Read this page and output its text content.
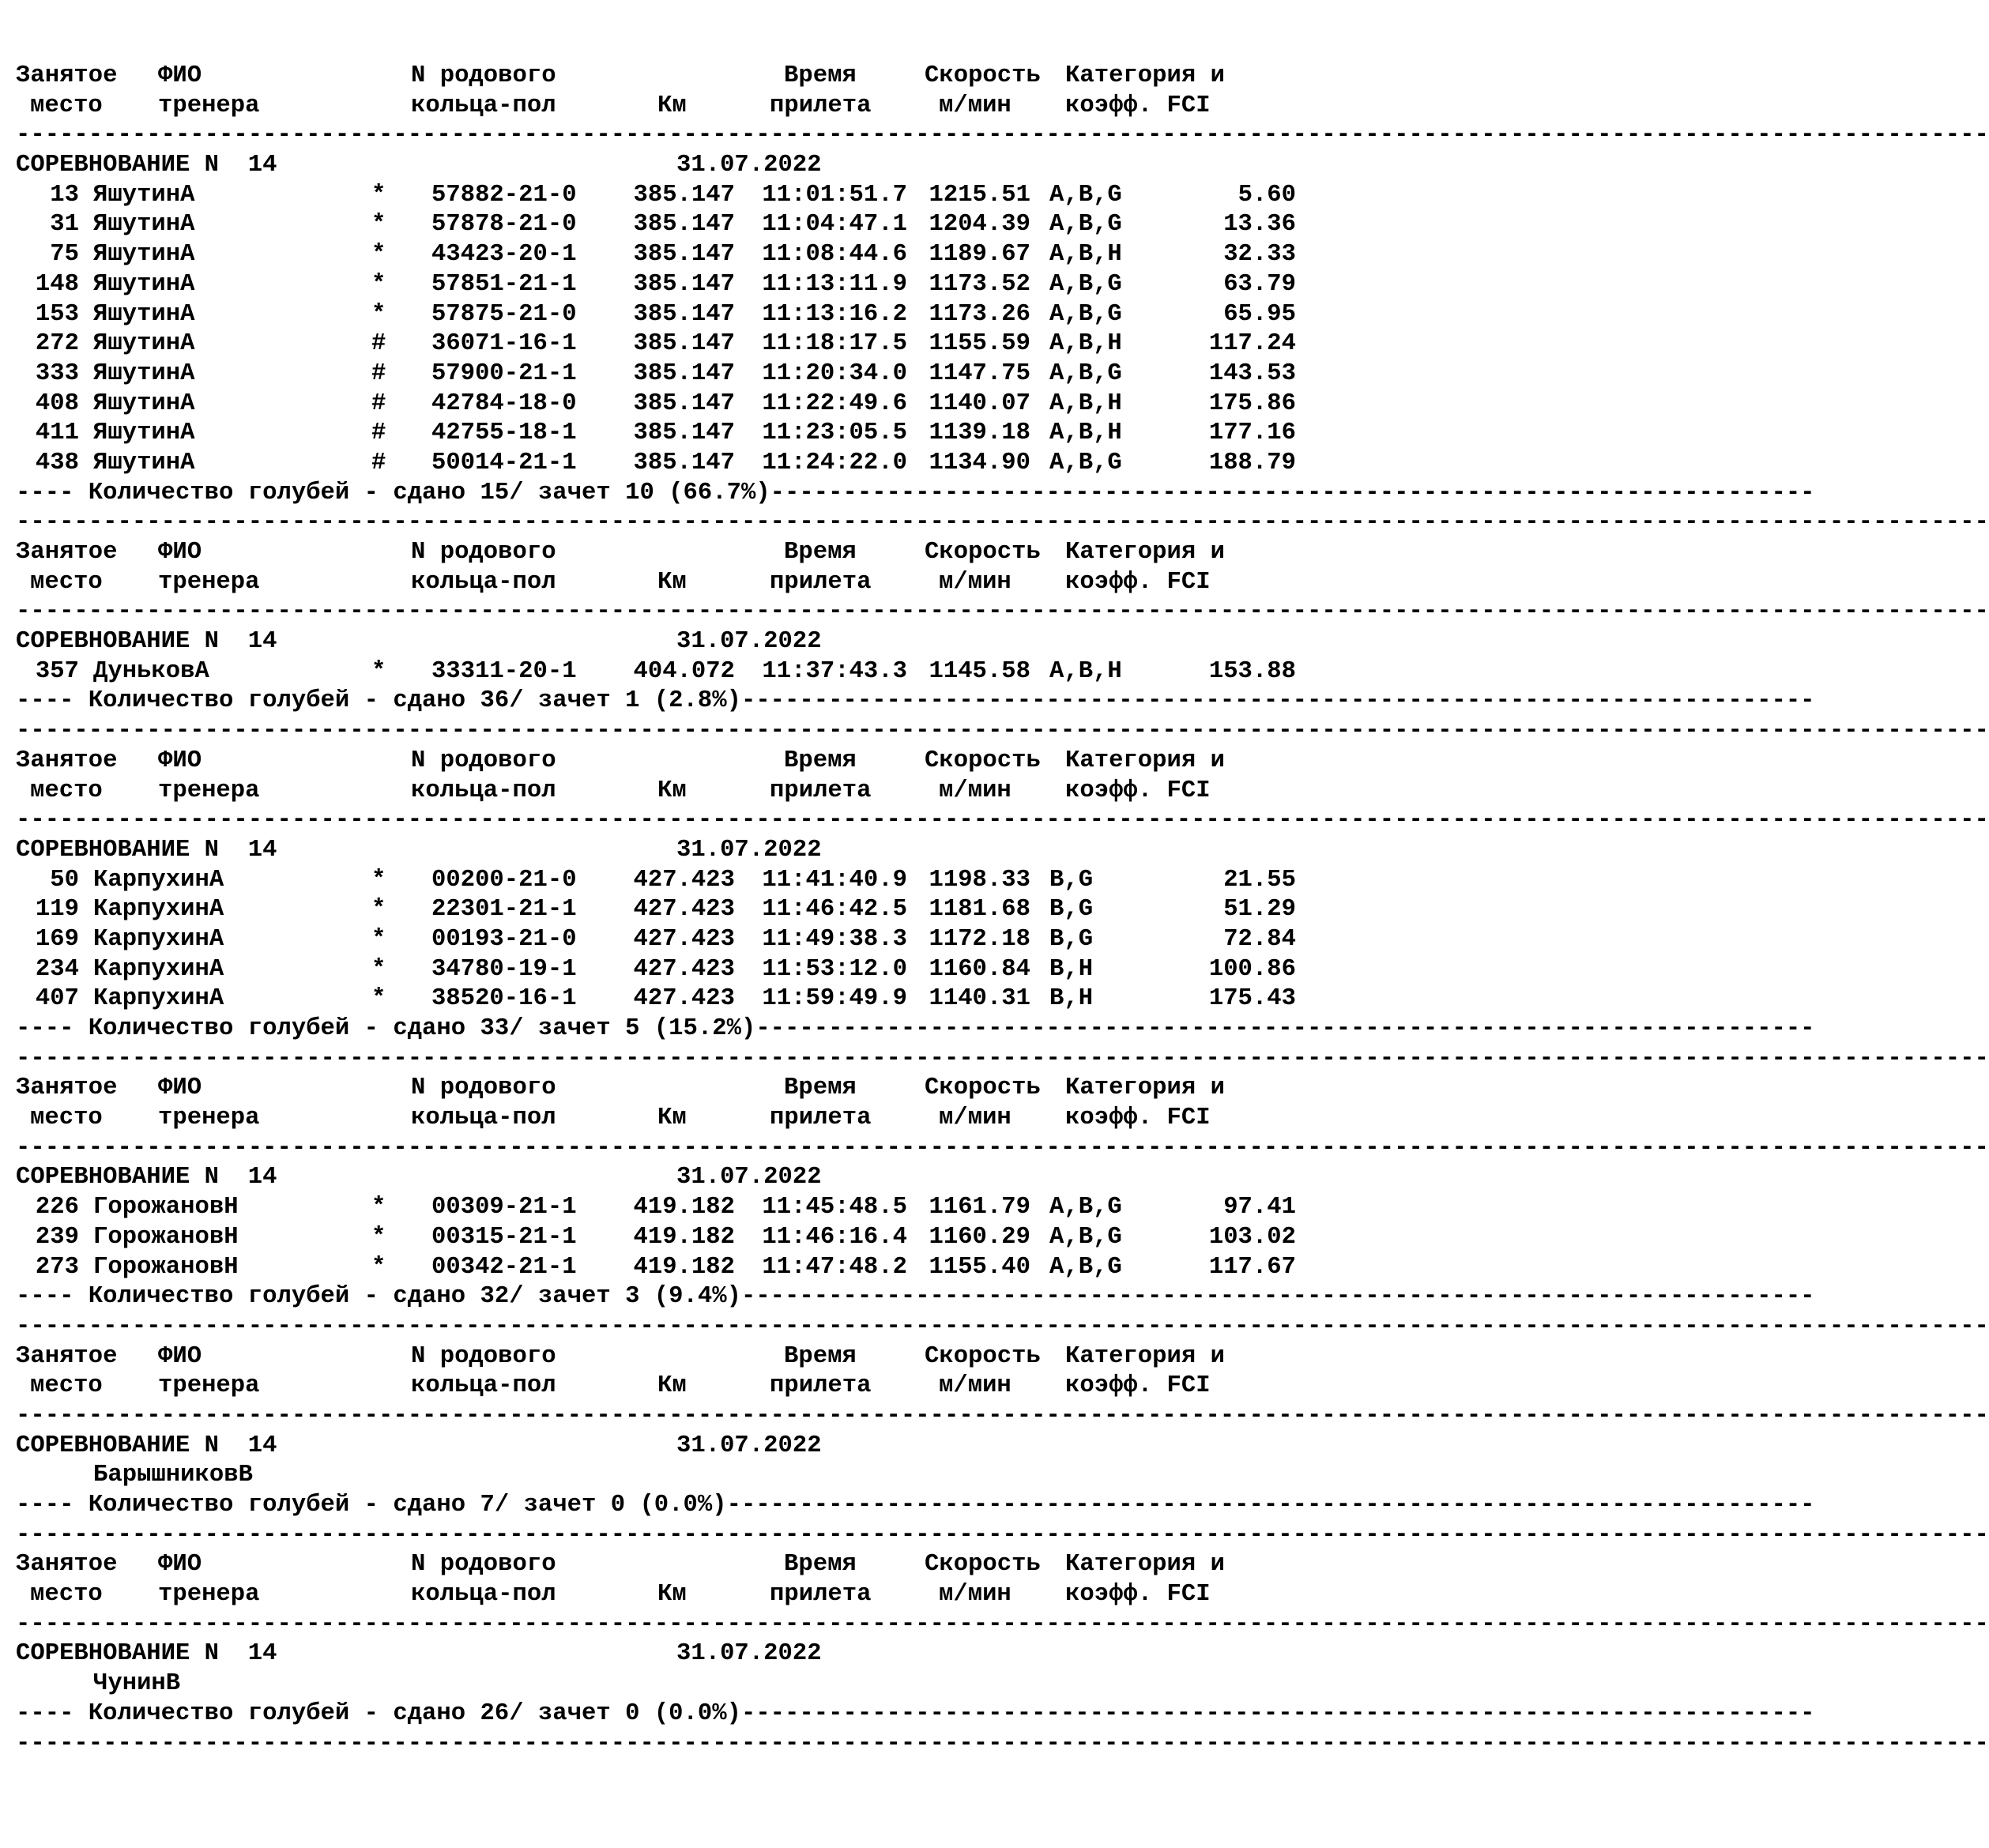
Занятое ФИО	N родового	Время	Скорость Категория и
место тренера	кольца-пол	Км	прилета	м/мин коэфф. FCI
----------------------------------------------------------------------------------------------------------------------------------------
СОРЕВНОВАНИЕ N  14	31.07.2022
13 ЯшутинА	* 57882-21-0 385.147 11:01:51.7 1215.51 A,B,G	5.60
31 ЯшутинА	* 57878-21-0 385.147 11:04:47.1 1204.39 A,B,G	13.36
75 ЯшутинА	* 43423-20-1 385.147 11:08:44.6 1189.67 A,B,H	32.33
148 ЯшутинА	* 57851-21-1 385.147 11:13:11.9 1173.52 A,B,G	63.79
153 ЯшутинА	* 57875-21-0 385.147 11:13:16.2 1173.26 A,B,G	65.95
272 ЯшутинА	# 36071-16-1 385.147 11:18:17.5 1155.59 A,B,H	117.24
333 ЯшутинА	# 57900-21-1 385.147 11:20:34.0 1147.75 A,B,G	143.53
408 ЯшутинА	# 42784-18-0 385.147 11:22:49.6 1140.07 A,B,H	175.86
411 ЯшутинА	# 42755-18-1 385.147 11:23:05.5 1139.18 A,B,H	177.16
438 ЯшутинА	# 50014-21-1 385.147 11:24:22.0 1134.90 A,B,G	188.79
---- Количество голубей - сдано 15/ зачет 10 (66.7%)------------------------------------------------------------------------
----------------------------------------------------------------------------------------------------------------------------------------
Занятое ФИО	N родового	Время	Скорость Категория и
место тренера	кольца-пол	Км	прилета	м/мин коэфф. FCI
----------------------------------------------------------------------------------------------------------------------------------------
СОРЕВНОВАНИЕ N  14	31.07.2022
357 ДуньковА	* 33311-20-1 404.072 11:37:43.3 1145.58 A,B,H	153.88
---- Количество голубей - сдано 36/ зачет 1 (2.8%)--------------------------------------------------------------------------
----------------------------------------------------------------------------------------------------------------------------------------
Занятое ФИО	N родового	Время	Скорость Категория и
место тренера	кольца-пол	Км	прилета	м/мин коэфф. FCI
----------------------------------------------------------------------------------------------------------------------------------------
СОРЕВНОВАНИЕ N  14	31.07.2022
50 КарпухинА	* 00200-21-0 427.423 11:41:40.9 1198.33 B,G	21.55
119 КарпухинА	* 22301-21-1 427.423 11:46:42.5 1181.68 B,G	51.29
169 КарпухинА	* 00193-21-0 427.423 11:49:38.3 1172.18 B,G	72.84
234 КарпухинА	* 34780-19-1 427.423 11:53:12.0 1160.84 B,H	100.86
407 КарпухинА	* 38520-16-1 427.423 11:59:49.9 1140.31 B,H	175.43
---- Количество голубей - сдано 33/ зачет 5 (15.2%)-------------------------------------------------------------------------
----------------------------------------------------------------------------------------------------------------------------------------
Занятое ФИО	N родового	Время	Скорость Категория и
место тренера	кольца-пол	Км	прилета	м/мин коэфф. FCI
----------------------------------------------------------------------------------------------------------------------------------------
СОРЕВНОВАНИЕ N  14	31.07.2022
226 ГорожановН	* 00309-21-1 419.182 11:45:48.5 1161.79 A,B,G	97.41
239 ГорожановН	* 00315-21-1 419.182 11:46:16.4 1160.29 A,B,G	103.02
273 ГорожановН	* 00342-21-1 419.182 11:47:48.2 1155.40 A,B,G	117.67
---- Количество голубей - сдано 32/ зачет 3 (9.4%)--------------------------------------------------------------------------
----------------------------------------------------------------------------------------------------------------------------------------
Занятое ФИО	N родового	Время	Скорость Категория и
место тренера	кольца-пол	Км	прилета	м/мин коэфф. FCI
----------------------------------------------------------------------------------------------------------------------------------------
СОРЕВНОВАНИЕ N  14	31.07.2022
БарышниковВ
---- Количество голубей - сдано 7/ зачет 0 (0.0%)---------------------------------------------------------------------------
----------------------------------------------------------------------------------------------------------------------------------------
Занятое ФИО	N родового	Время	Скорость Категория и
место тренера	кольца-пол	Км	прилета	м/мин коэфф. FCI
----------------------------------------------------------------------------------------------------------------------------------------
СОРЕВНОВАНИЕ N  14	31.07.2022
ЧунинВ
---- Количество голубей - сдано 26/ зачет 0 (0.0%)--------------------------------------------------------------------------
----------------------------------------------------------------------------------------------------------------------------------------
